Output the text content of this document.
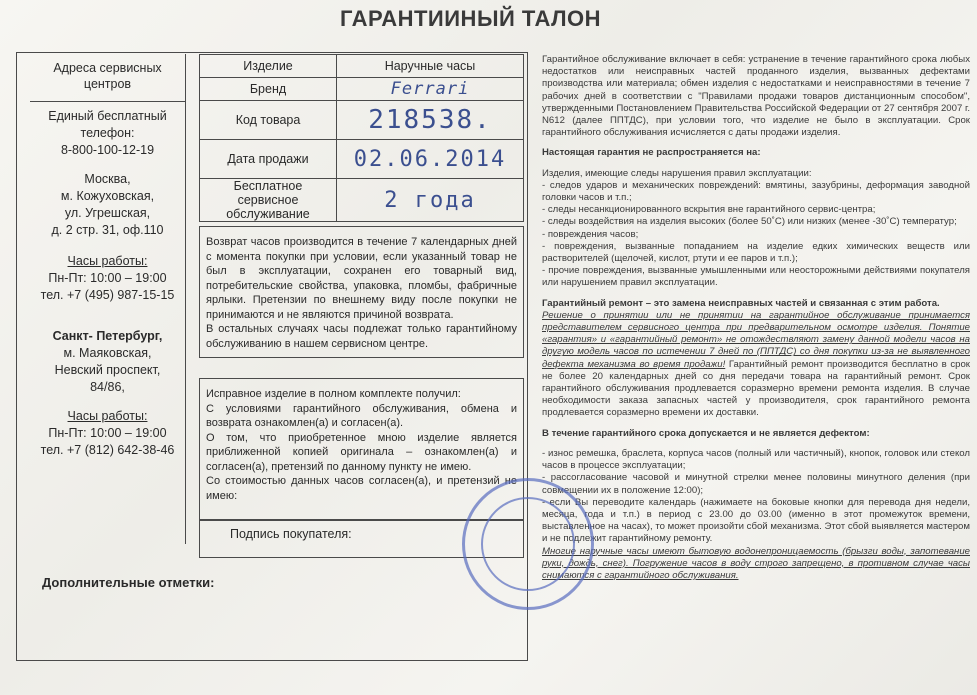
ГАРАНТИИНЫЙ ТАЛОН
Адреса сервисных центров
Единый бесплатный телефон:
8-800-100-12-19
Москва,
м. Кожуховская,
ул. Угрешская,
д. 2 стр. 31, оф.110
Часы работы:
Пн-Пт: 10:00 – 19:00
тел. +7 (495) 987-15-15
Санкт- Петербург,
м. Маяковская,
Невский проспект,
84/86,
Часы работы:
Пн-Пт: 10:00 – 19:00
тел. +7 (812) 642-38-46
Изделие	Наручные часы
Бренд	Ferrari
Код товара	218538.
Дата продажи	02.06.2014
Бесплатное сервисное обслуживание	2 года
Возврат часов производится в течение 7 календарных дней с момента покупки при условии, если указанный товар не был в эксплуатации, сохранен его товарный вид, потребительские свойства, упаковка, пломбы, фабричные ярлыки. Претензии по внешнему виду после покупки не принимаются и не являются причиной возврата.
В остальных случаях часы подлежат только гарантийному обслуживанию в нашем сервисном центре.
Исправное изделие в полном комплекте получил:
С условиями гарантийного обслуживания, обмена и возврата ознакомлен(а) и согласен(а).
О том, что приобретенное мною изделие является приближенной копией оригинала – ознакомлен(а) и согласен(а), претензий по данному пункту не имею.
Со стоимостью данных часов согласен(а), и претензий не имею:
Подпись покупателя:
Дополнительные отметки:

Гарантийное обслуживание включает в себя: устранение в течение гарантийного срока любых недостатков или неисправных частей проданного изделия, вызванных дефектами производства или материала; обмен изделия с недостатками и неисправностями в течение 7 рабочих дней в соответствии с "Правилами продажи товаров дистанционным способом", утвержденными Постановлением Правительства Российской Федерации от 27 сентября 2007 г. N612 (далее ППТДС), при условии того, что изделие не было в эксплуатации. Срок гарантийного обслуживания исчисляется с даты продажи изделия.

Настоящая гарантия не распространяется на:

Изделия, имеющие следы нарушения правил эксплуатации:
- следов ударов и механических повреждений: вмятины, зазубрины, деформация заводной головки часов и т.п.;
- следы несанкционированного вскрытия вне гарантийного сервис-центра;
- следы воздействия на изделия высоких (более 50˚С) или низких (менее -30˚С) температур;
- повреждения часов;
- повреждения, вызванные попаданием на изделие едких химических веществ или растворителей (щелочей, кислот, ртути и ее паров и т.п.);
- прочие повреждения, вызванные умышленными или неосторожными действиями покупателя или нарушением правил эксплуатации.

Гарантийный ремонт – это замена неисправных частей и связанная с этим работа.
Решение о принятии или не принятии на гарантийное обслуживание принимается представителем сервисного центра при предварительном осмотре изделия. Понятие «гарантия» и «гарантийный ремонт» не отождествляют замену данной модели часов на другую модель часов по истечении 7 дней по (ППТДС) со дня покупки из-за не выявленного дефекта механизма во время продажи! Гарантийный ремонт производится бесплатно в срок не более 20 календарных дней со дня передачи товара на гарантийный ремонт. Срок гарантийного обслуживания продлевается соразмерно времени ремонта изделия. В случае необходимости заказа запасных частей у производителя, срок гарантийного ремонта продлевается соразмерно времени их доставки.

В течение гарантийного срока допускается и не является дефектом:

- износ ремешка, браслета, корпуса часов (полный или частичный), кнопок, головок или стекол часов в процессе эксплуатации;
- рассогласование часовой и минутной стрелки менее половины минутного деления (при совмещении их в положение 12:00);
- если Вы переводите календарь (нажимаете на боковые кнопки для перевода дня недели, месяца, года и т.п.) в период с 23.00 до 03.00 (именно в этот промежуток времени, выставленное на часах), то может произойти сбой механизма. Этот сбой выявляется мастером и не подлежит гарантийному ремонту.
Многие наручные часы имеют бытовую водонепроницаемость (брызги воды, запотевание руки, дождь, снег). Погружение часов в воду строго запрещено, в противном случае часы снимаются с гарантийного обслуживания.
